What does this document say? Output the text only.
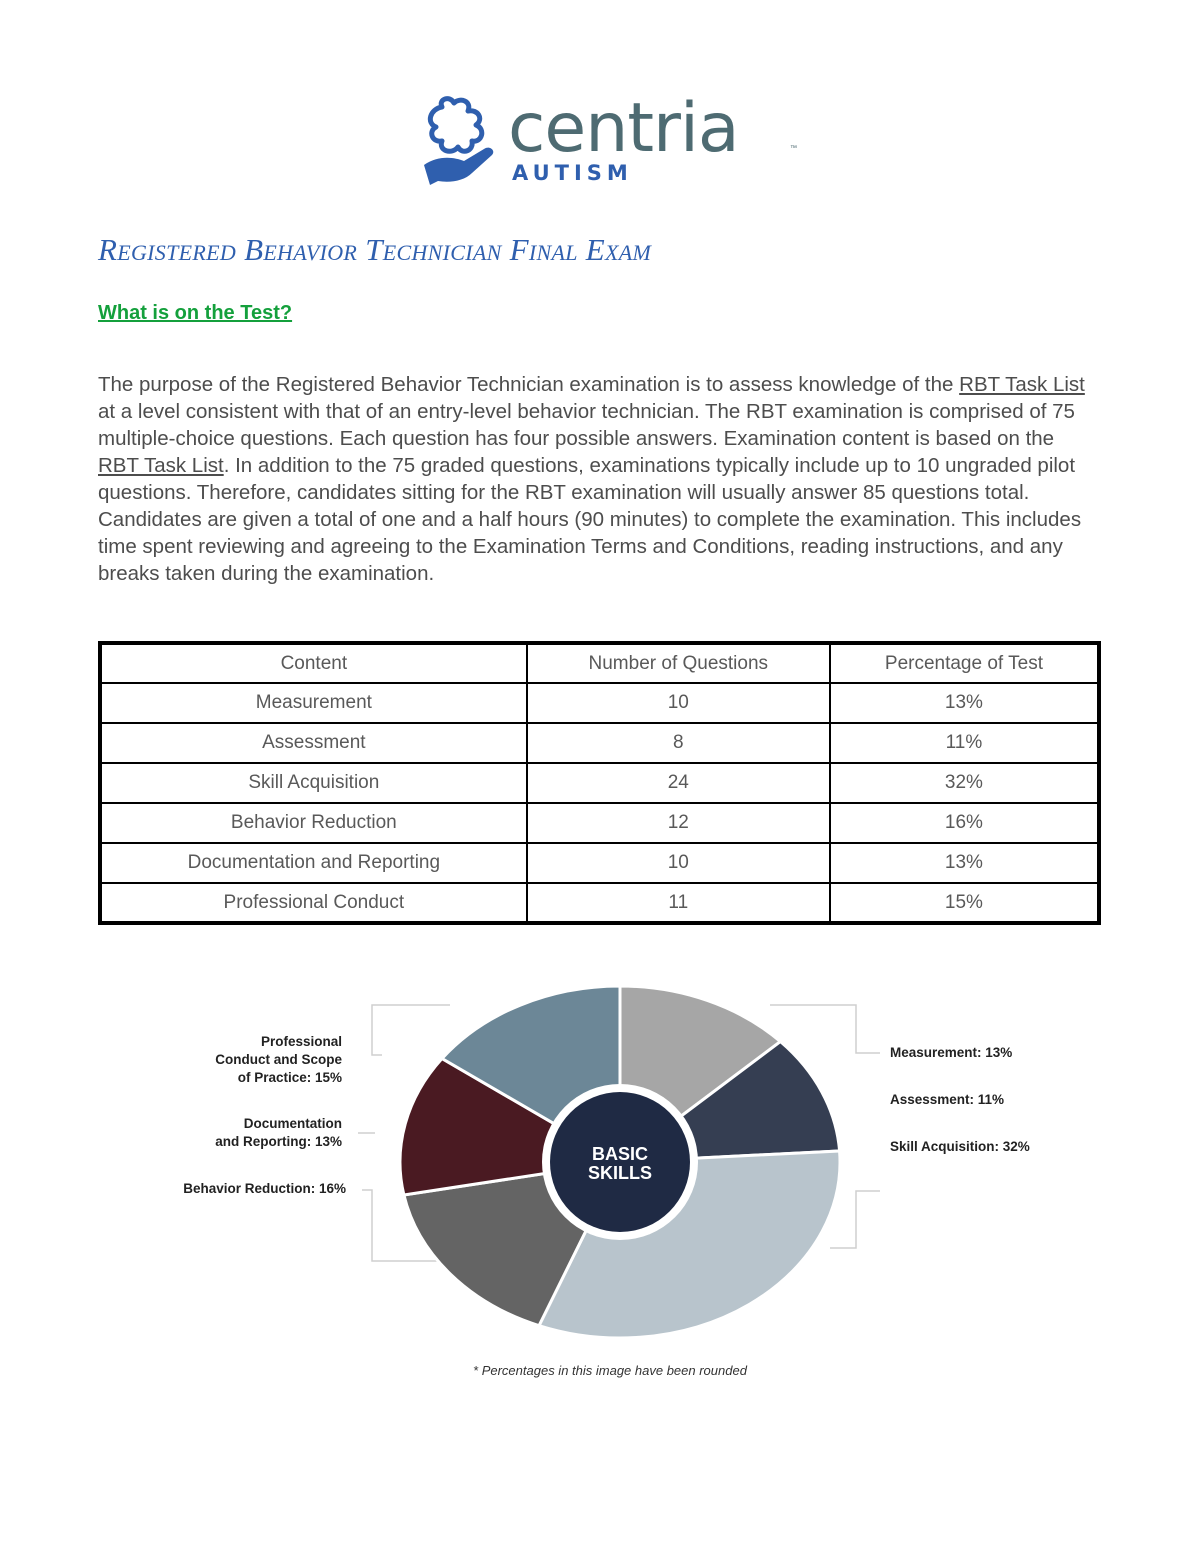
centria	™
AUTISM
Registered Behavior Technician Final Exam
What is on the Test?

The purpose of the Registered Behavior Technician examination is to assess knowledge of the RBT Task List at a level consistent with that of an entry-level behavior technician. The RBT examination is comprised of 75 multiple-choice questions. Each question has four possible answers. Examination content is based on the RBT Task List. In addition to the 75 graded questions, examinations typically include up to 10 ungraded pilot questions. Therefore, candidates sitting for the RBT examination will usually answer 85 questions total. Candidates are given a total of one and a half hours (90 minutes) to complete the examination. This includes time spent reviewing and agreeing to the Examination Terms and Conditions, reading instructions, and any breaks taken during the examination.

Content	Number of Questions	Percentage of Test
Measurement	10	13%
Assessment	8	11%
Skill Acquisition	24	32%
Behavior Reduction	12	16%
Documentation and Reporting	10	13%
Professional Conduct	11	15%
BASIC
SKILLS
Professional
Conduct and Scope
of Practice: 15%
Documentation
and Reporting: 13%
Behavior Reduction: 16%
Measurement: 13%
Assessment: 11%
Skill Acquisition: 32%
* Percentages in this image have been rounded
